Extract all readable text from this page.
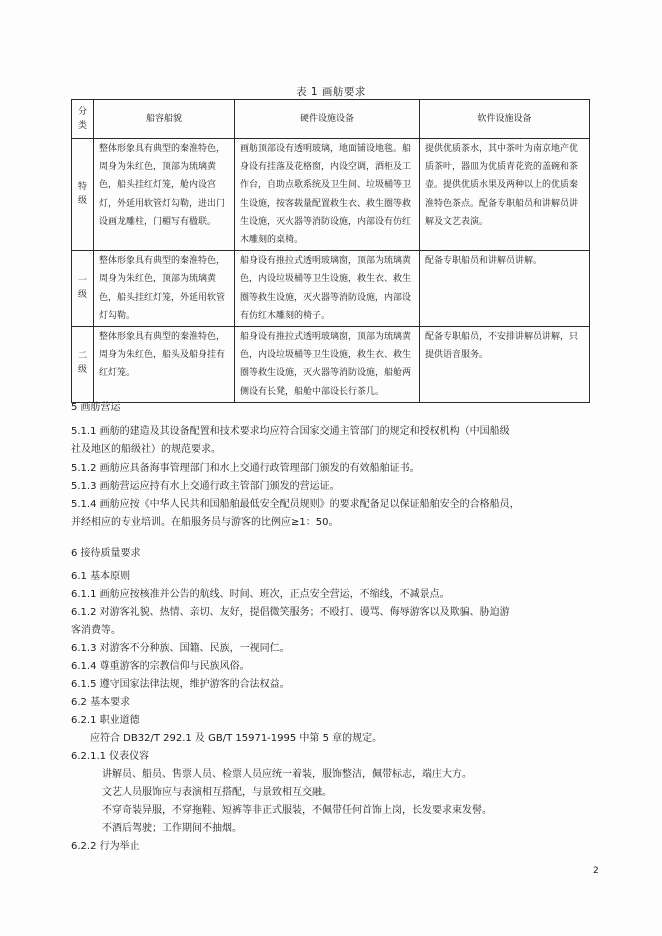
表 1 画舫要求
分类	船容船貌	硬件设施设备	软件设施设备
特级	整体形象具有典型的秦淮特色，周身为朱红色，顶部为琉璃黄色，船头挂红灯笼，舱内设宫灯，外延用软管灯勾勒，进出门设画龙雕柱，门楣写有楹联。	画舫顶部设有透明玻璃，地面铺设地毯。船身设有挂落及花格窗，内设空调，酒柜及工作台，自助点歌系统及卫生间、垃圾桶等卫生设施，按客载量配置救生衣、救生圈等救生设施，灭火器等消防设施，内部设有仿红木雕刻的桌椅。	提供优质茶水，其中茶叶为南京地产优质茶叶，器皿为优质青花瓷的盖碗和茶壶。提供优质水果及两种以上的优质秦淮特色茶点。配备专职船员和讲解员讲解及文艺表演。
一级	整体形象具有典型的秦淮特色，周身为朱红色，顶部为琉璃黄色，船头挂红灯笼，外延用软管灯勾勒。	船身设有推拉式透明玻璃窗，顶部为琉璃黄色，内设垃圾桶等卫生设施，救生衣、救生圈等救生设施，灭火器等消防设施，内部设有仿红木雕刻的椅子。	配备专职船员和讲解员讲解。
二级	整体形象具有典型的秦淮特色，周身为朱红色，船头及船身挂有红灯笼。	船身设有推拉式透明玻璃窗，顶部为琉璃黄色，内设垃圾桶等卫生设施，救生衣、救生圈等救生设施，灭火器等消防设施，船舱两侧设有长凳，船舱中部设长行茶几。	配备专职船员，不安排讲解员讲解，只提供语音服务。
5 画舫营运
5.1.1 画舫的建造及其设备配置和技术要求均应符合国家交通主管部门的规定和授权机构（中国船级
社及地区的船级社）的规范要求。
5.1.2 画舫应具备海事管理部门和水上交通行政管理部门颁发的有效船舶证书。
5.1.3 画舫营运应持有水上交通行政主管部门颁发的营运证。
5.1.4 画舫应按《中华人民共和国船舶最低安全配员规则》的要求配备足以保证船舶安全的合格船员，
并经相应的专业培训。在船服务员与游客的比例应≥1：50。
6 接待质量要求
6.1 基本原则
6.1.1 画舫应按核准并公告的航线、时间、班次，正点安全营运，不缩线，不减景点。
6.1.2 对游客礼貌、热情、亲切、友好，提倡微笑服务；不殴打、谩骂、侮辱游客以及欺骗、胁迫游
客消费等。
6.1.3 对游客不分种族、国籍、民族，一视同仁。
6.1.4 尊重游客的宗教信仰与民族风俗。
6.1.5 遵守国家法律法规，维护游客的合法权益。
6.2 基本要求
6.2.1 职业道德
应符合 DB32/T 292.1 及 GB/T 15971-1995 中第 5 章的规定。
6.2.1.1 仪表仪容
讲解员、船员、售票人员、检票人员应统一着装，服饰整洁，佩带标志，端庄大方。
文艺人员服饰应与表演相互搭配，与景致相互交融。
不穿奇装异服，不穿拖鞋、短裤等非正式服装，不佩带任何首饰上岗，长发要求束发髻。
不酒后驾驶；工作期间不抽烟。
6.2.2 行为举止
2
